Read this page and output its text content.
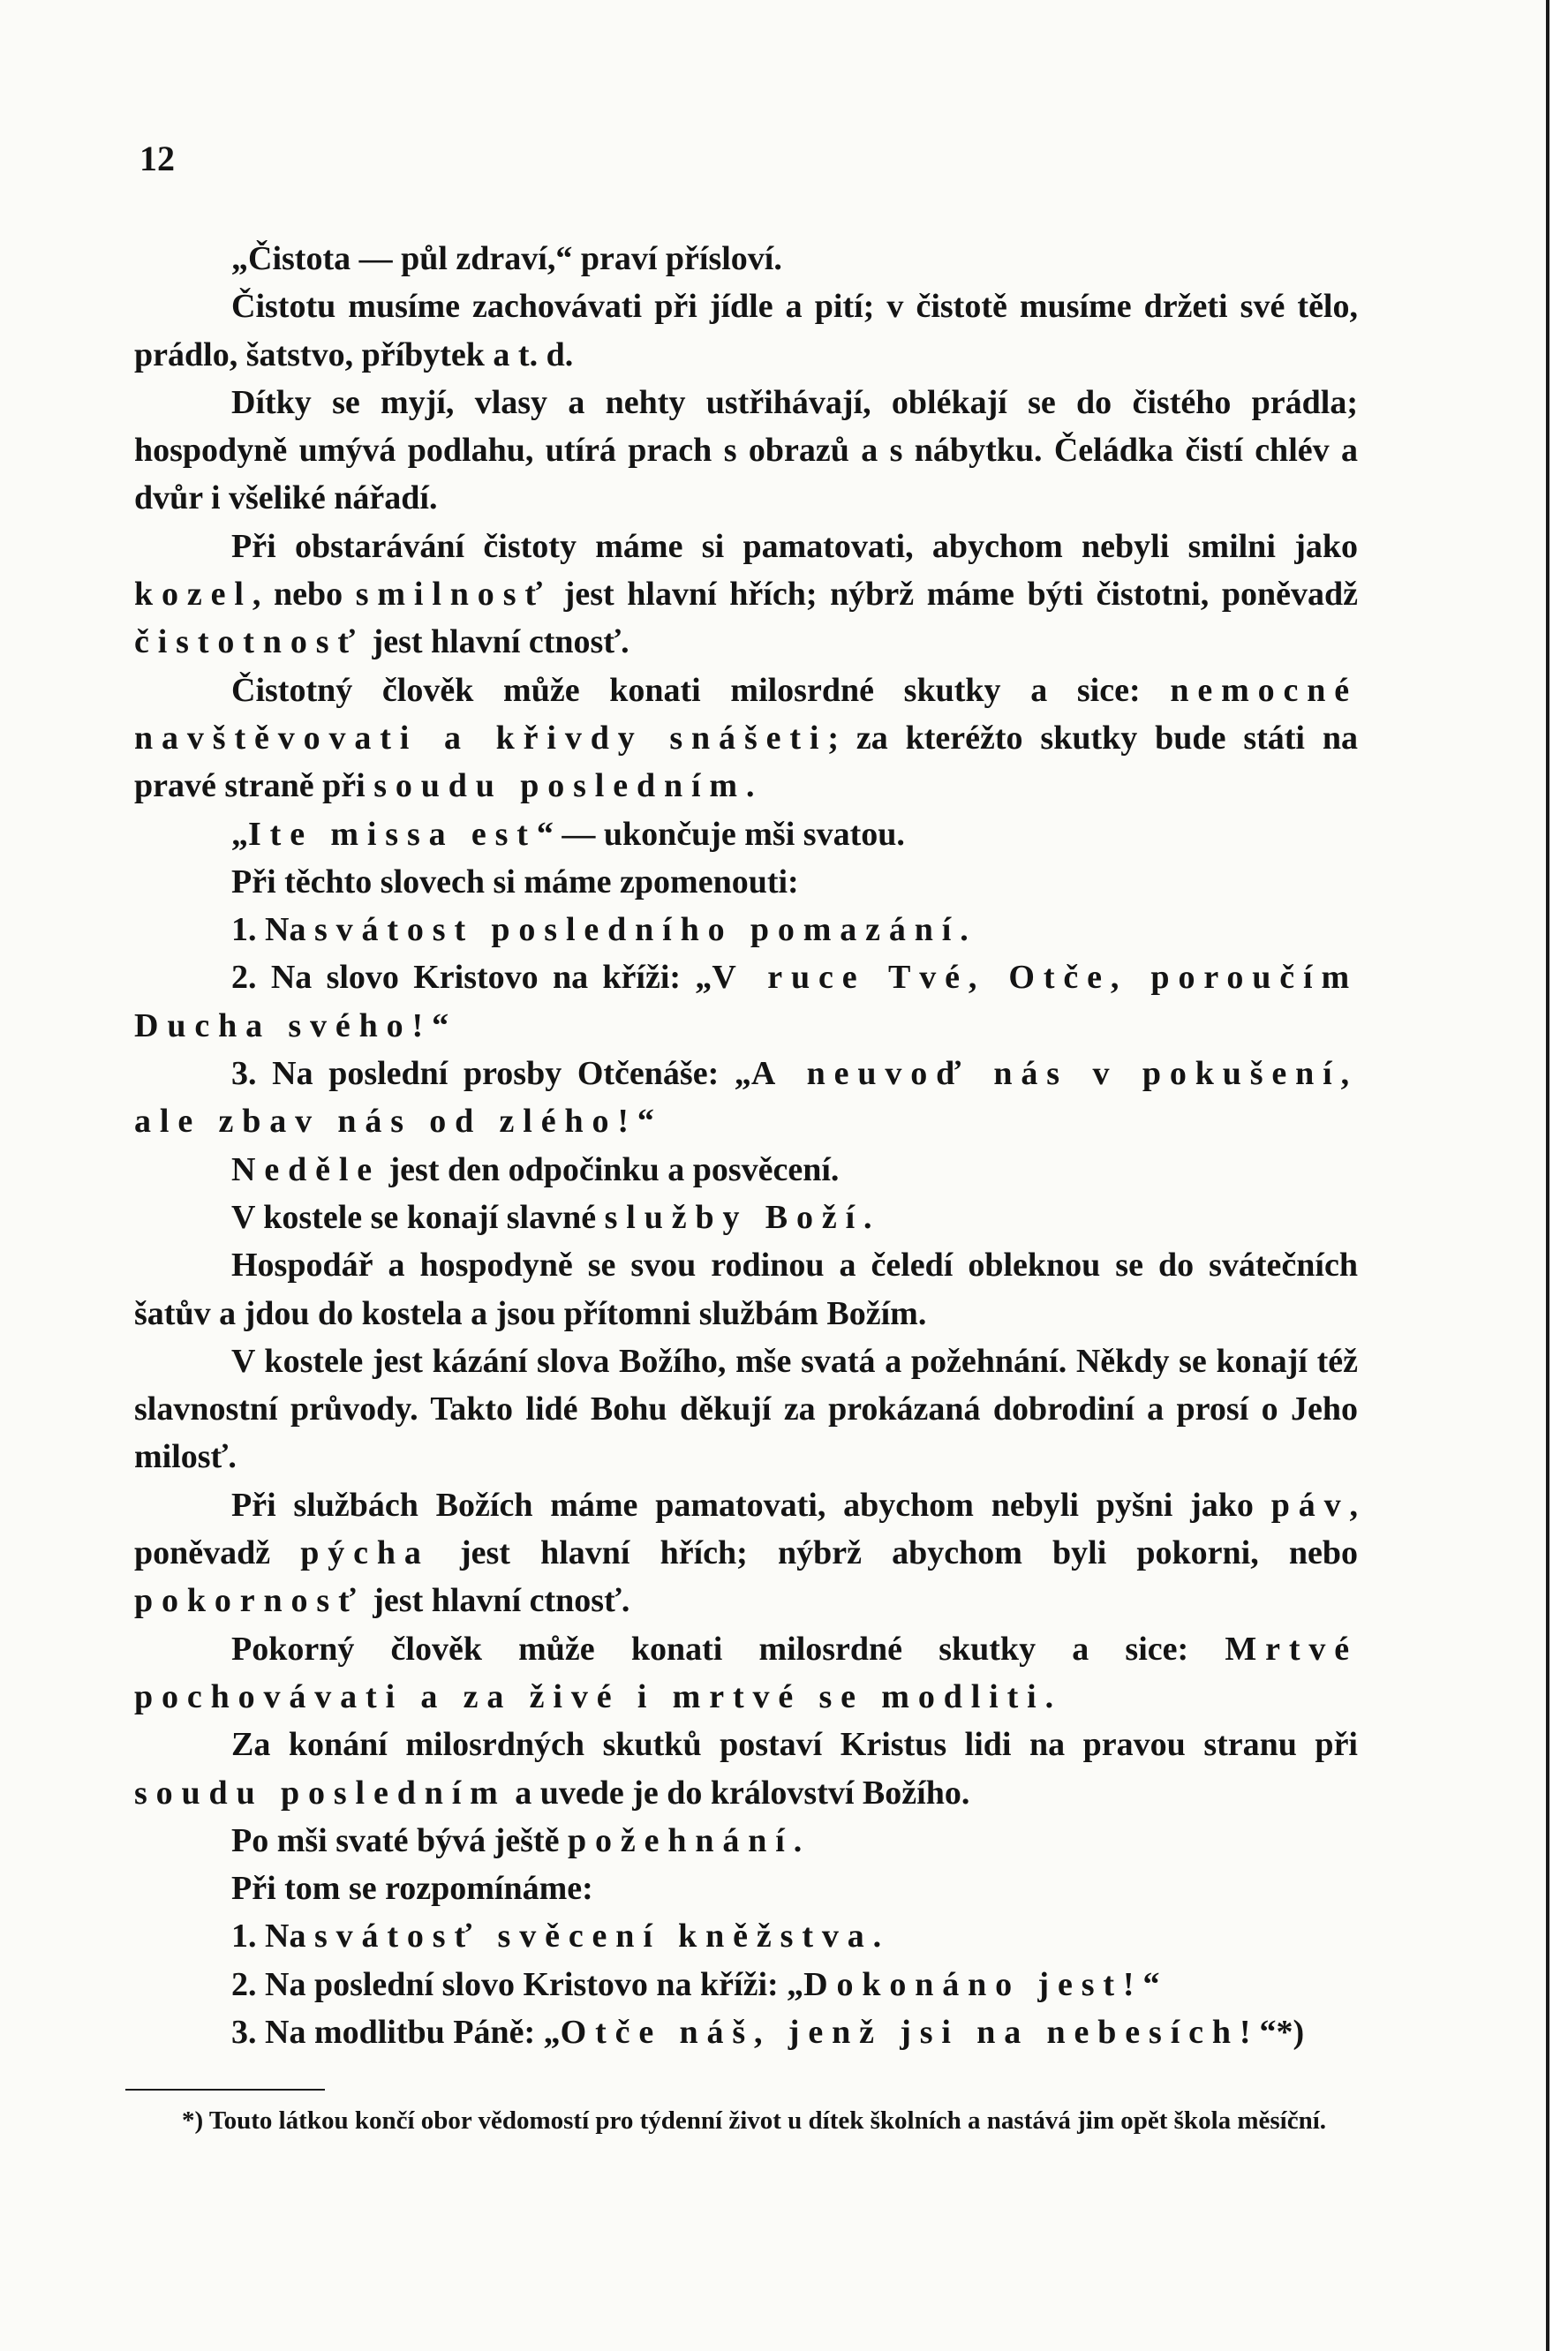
12

„Čistota — půl zdraví,“ praví přísloví.

Čistotu musíme zachovávati při jídle a pití; v čistotě musíme držeti své tělo, prádlo, šatstvo, příbytek a t. d.

Dítky se myjí, vlasy a nehty ustřihávají, oblékají se do čistého prádla; hospodyně umývá podlahu, utírá prach s obrazů a s nábytku. Čeládka čistí chlév a dvůr i všeliké nářadí.

Při obstarávání čistoty máme si pamatovati, abychom nebyli smilni jako kozel, nebo smilnosť jest hlavní hřích; nýbrž máme býti čistotni, poněvadž čistotnosť jest hlavní ctnosť.

Čistotný člověk může konati milosrdné skutky a sice: nemocné navštěvovati a křivdy snášeti; za kteréžto skutky bude státi na pravé straně při soudu posledním.

„Ite missa est“ — ukončuje mši svatou.

Při těchto slovech si máme zpomenouti:

1. Na svátost posledního pomazání.

2. Na slovo Kristovo na kříži: „V ruce Tvé, Otče, poroučím Ducha svého!“

3. Na poslední prosby Otčenáše: „A neuvoď nás v pokušení, ale zbav nás od zlého!“

Neděle jest den odpočinku a posvěcení.

V kostele se konají slavné služby Boží.

Hospodář a hospodyně se svou rodinou a čeledí obleknou se do svátečních šatův a jdou do kostela a jsou přítomni službám Božím.

V kostele jest kázání slova Božího, mše svatá a požehnání. Někdy se konají též slavnostní průvody. Takto lidé Bohu děkují za prokázaná dobrodiní a prosí o Jeho milosť.

Při službách Božích máme pamatovati, abychom nebyli pyšni jako páv, poněvadž pýcha jest hlavní hřích; nýbrž abychom byli pokorni, nebo pokornosť jest hlavní ctnosť.

Pokorný člověk může konati milosrdné skutky a sice: Mrtvé pochovávati a za živé i mrtvé se modliti.

Za konání milosrdných skutků postaví Kristus lidi na pravou stranu při soudu posledním a uvede je do království Božího.

Po mši svaté bývá ještě požehnání.

Při tom se rozpomínáme:

1. Na svátosť svěcení kněžstva.

2. Na poslední slovo Kristovo na kříži: „Dokonáno jest!“

3. Na modlitbu Páně: „Otče náš, jenž jsi na nebesích!“*)

*) Touto látkou končí obor vědomostí pro týdenní život u dítek školních a nastává jim opět škola měsíční.
